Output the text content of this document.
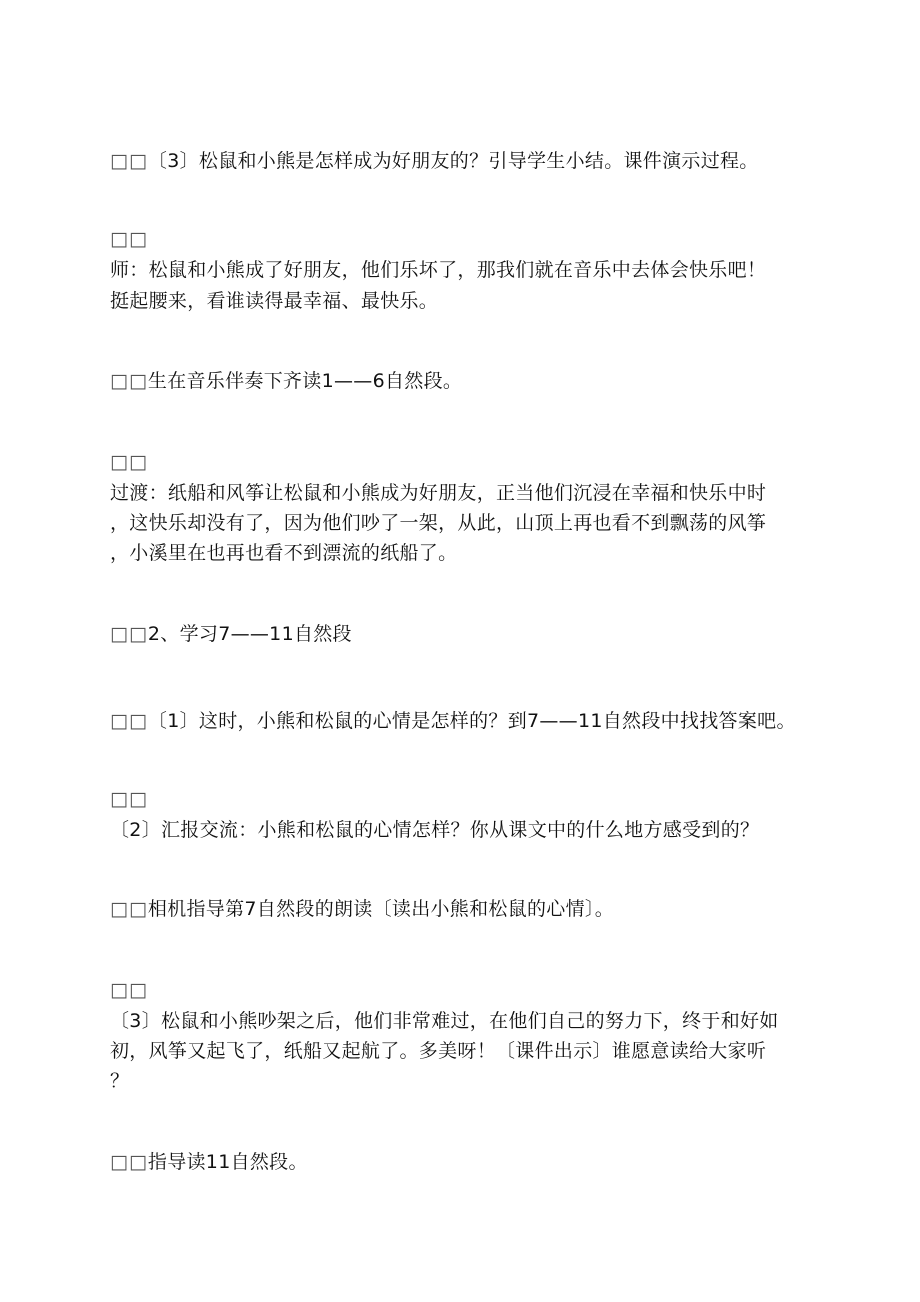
□□〔3〕松鼠和小熊是怎样成为好朋友的？引导学生小结。课件演示过程。
□□
师：松鼠和小熊成了好朋友，他们乐坏了，那我们就在音乐中去体会快乐吧！
挺起腰来，看谁读得最幸福、最快乐。
□□生在音乐伴奏下齐读1——6自然段。
□□
过渡：纸船和风筝让松鼠和小熊成为好朋友，正当他们沉浸在幸福和快乐中时
，这快乐却没有了，因为他们吵了一架，从此，山顶上再也看不到飘荡的风筝
，小溪里在也再也看不到漂流的纸船了。
□□2、学习7——11自然段
□□〔1〕这时，小熊和松鼠的心情是怎样的？到7——11自然段中找找答案吧。
□□
〔2〕汇报交流：小熊和松鼠的心情怎样？你从课文中的什么地方感受到的？
□□相机指导第7自然段的朗读〔读出小熊和松鼠的心情〕。
□□
〔3〕松鼠和小熊吵架之后，他们非常难过，在他们自己的努力下，终于和好如
初，风筝又起飞了，纸船又起航了。多美呀！〔课件出示〕谁愿意读给大家听
？
□□指导读11自然段。
